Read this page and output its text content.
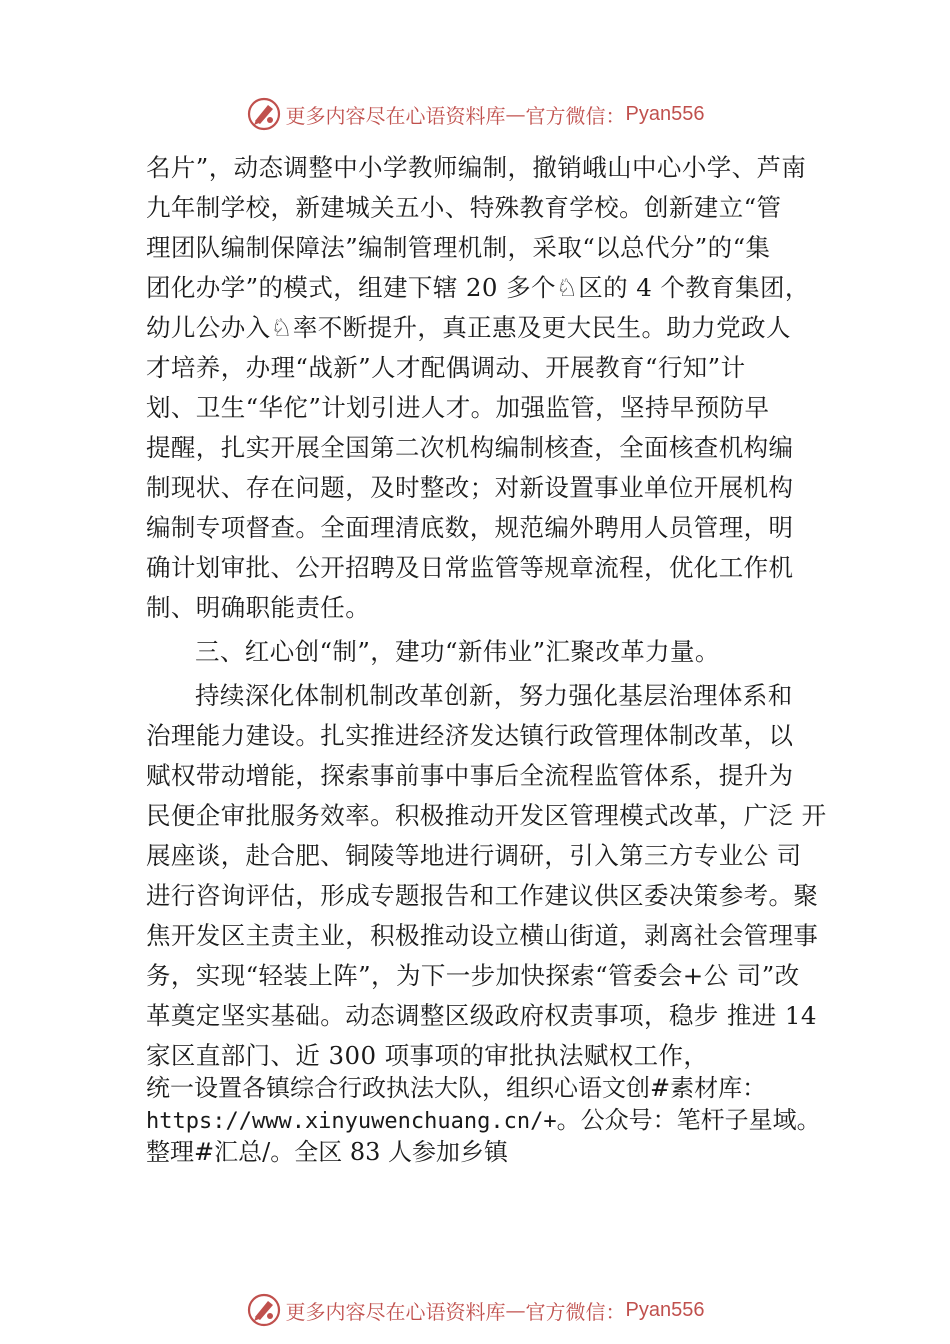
更多内容尽在心语资料库 — 官方微信： Pyan556
名片”，动态调整中小学教师编制，撤销峨山中心小学、芦南
九年制学校，新建城关五小、特殊教育学校。创新建立“管
理团队编制保障法”编制管理机制，采取“以总代分”的“集
团化办学”的模式，组建下辖 20 多个♘区的 4 个教育集团，
幼儿公办入♘率不断提升，真正惠及更大民生。助力党政人
才培养，办理“战新”人才配偶调动、开展教育“行知”计
划、卫生“华佗”计划引进人才。加强监管，坚持早预防早
提醒，扎实开展全国第二次机构编制核查，全面核查机构编
制现状、存在问题，及时整改；对新设置事业单位开展机构
编制专项督查。全面理清底数，规范编外聘用人员管理，明
确计划审批、公开招聘及日常监管等规章流程，优化工作机
制、明确职能责任。
三、红心创“制”，建功“新伟业”汇聚改革力量。
持续深化体制机制改革创新，努力强化基层治理体系和
治理能力建设。扎实推进经济发达镇行政管理体制改革，以
赋权带动增能，探索事前事中事后全流程监管体系，提升为
民便企审批服务效率。积极推动开发区管理模式改革，广泛 开
展座谈，赴合肥、铜陵等地进行调研，引入第三方专业公 司
进行咨询评估，形成专题报告和工作建议供区委决策参考。聚
焦开发区主责主业，积极推动设立横山街道，剥离社会管理事
务，实现“轻装上阵”，为下一步加快探索“管委会+公 司”改
革奠定坚实基础。动态调整区级政府权责事项，稳步 推进 14
家区直部门、近 300 项事项的审批执法赋权工作，
统一设置各镇综合行政执法大队，组织心语文创#素材库：
https://www.xinyuwenchuang.cn/+。公众号：笔杆子星域。
整理#汇总/。全区 83 人参加乡镇
更多内容尽在心语资料库 — 官方微信： Pyan556
